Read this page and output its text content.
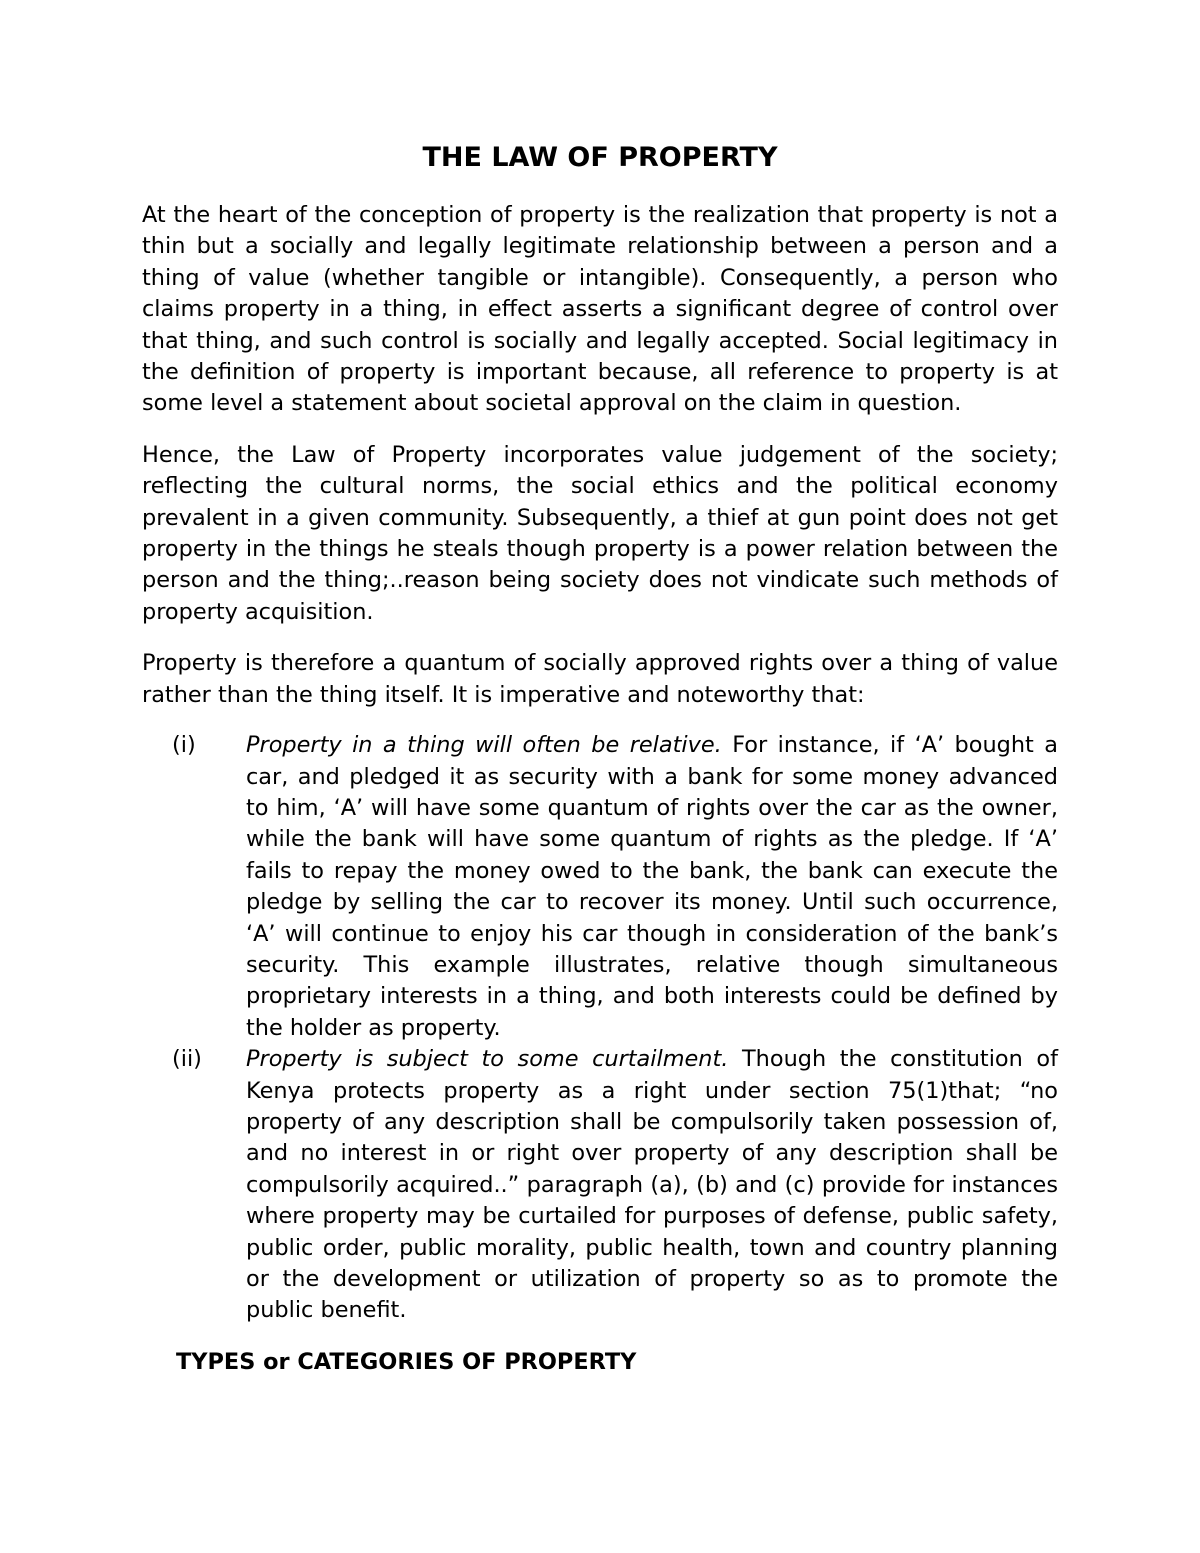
THE LAW OF PROPERTY

At the heart of the conception of property is the realization that property is not a thin but a socially and legally legitimate relationship between a person and a thing of value (whether tangible or intangible). Consequently, a person who claims property in a thing, in effect asserts a significant degree of control over that thing, and such control is socially and legally accepted. Social legitimacy in the definition of property is important because, all reference to property is at some level a statement about societal approval on the claim in question.

Hence, the Law of Property incorporates value judgement of the society; reflecting the cultural norms, the social ethics and the political economy prevalent in a given community. Subsequently, a thief at gun point does not get property in the things he steals though property is a power relation between the person and the thing;..reason being society does not vindicate such methods of property acquisition.

Property is therefore a quantum of socially approved rights over a thing of value rather than the thing itself. It is imperative and noteworthy that:

(i) Property in a thing will often be relative. For instance, if ‘A’ bought a car, and pledged it as security with a bank for some money advanced to him, ‘A’ will have some quantum of rights over the car as the owner, while the bank will have some quantum of rights as the pledge. If ‘A’ fails to repay the money owed to the bank, the bank can execute the pledge by selling the car to recover its money. Until such occurrence, ‘A’ will continue to enjoy his car though in consideration of the bank’s security. This example illustrates, relative though simultaneous proprietary interests in a thing, and both interests could be defined by the holder as property.
(ii) Property is subject to some curtailment. Though the constitution of Kenya protects property as a right under section 75(1)that; “no property of any description shall be compulsorily taken possession of, and no interest in or right over property of any description shall be compulsorily acquired..” paragraph (a), (b) and (c) provide for instances where property may be curtailed for purposes of defense, public safety, public order, public morality, public health, town and country planning or the development or utilization of property so as to promote the public benefit.
TYPES or CATEGORIES OF PROPERTY
